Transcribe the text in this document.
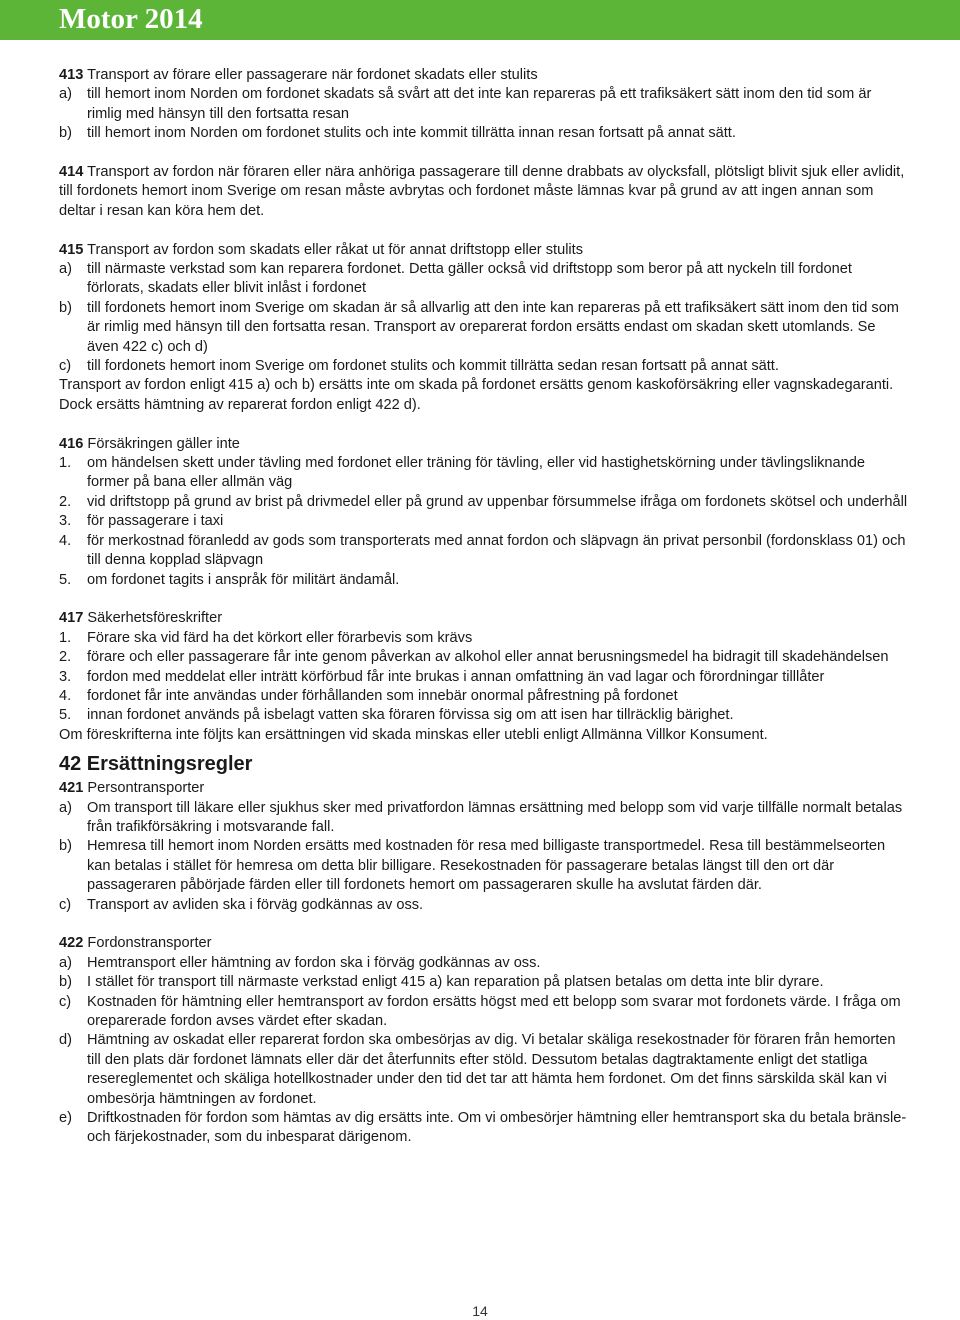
Motor 2014

413 Transport av förare eller passagerare när fordonet skadats eller stulits

a)	till hemort inom Norden om fordonet skadats så svårt att det inte kan repareras på ett trafiksäkert sätt inom den tid som är rimlig med hänsyn till den fortsatta resan
b)	till hemort inom Norden om fordonet stulits och inte kommit tillrätta innan resan fortsatt på annat sätt.

414 Transport av fordon när föraren eller nära anhöriga passagerare till denne drabbats av olycksfall, plötsligt blivit sjuk eller avlidit, till fordonets hemort inom Sverige om resan måste avbrytas och fordonet måste lämnas kvar på grund av att ingen annan som deltar i resan kan köra hem det.

415 Transport av fordon som skadats eller råkat ut för annat driftstopp eller stulits

a)	till närmaste verkstad som kan reparera fordonet. Detta gäller också vid driftstopp som beror på att nyckeln till fordonet förlorats, skadats eller blivit inlåst i fordonet
b)	till fordonets hemort inom Sverige om skadan är så allvarlig att den inte kan repareras på ett trafiksäkert sätt inom den tid som är rimlig med hänsyn till den fortsatta resan. Transport av oreparerat fordon ersätts endast om skadan skett utomlands. Se även 422 c) och d)
c)	till fordonets hemort inom Sverige om fordonet stulits och kommit tillrätta sedan resan fortsatt på annat sätt.

Transport av fordon enligt 415 a) och b) ersätts inte om skada på fordonet ersätts genom kaskoförsäkring eller vagnskadegaranti. Dock ersätts hämtning av reparerat fordon enligt 422 d).

416 Försäkringen gäller inte

1.	om händelsen skett under tävling med fordonet eller träning för tävling, eller vid hastighetskörning under tävlingsliknande former på bana eller allmän väg
2.	vid driftstopp på grund av brist på drivmedel eller på grund av uppenbar försummelse ifråga om fordonets skötsel och underhåll
3.	för passagerare i taxi
4.	för merkostnad föranledd av gods som transporterats med annat fordon och släpvagn än privat personbil (fordonsklass 01) och till denna kopplad släpvagn
5.	om fordonet tagits i anspråk för militärt ändamål.

417 Säkerhetsföreskrifter

1.	Förare ska vid färd ha det körkort eller förarbevis som krävs
2.	förare och eller passagerare får inte genom påverkan av alkohol eller annat berusningsmedel ha bidragit till skadehändelsen
3.	fordon med meddelat eller inträtt körförbud får inte brukas i annan omfattning än vad lagar och förordningar tilllåter
4.	fordonet får inte användas under förhållanden som innebär onormal påfrestning på fordonet
5.	innan fordonet används på isbelagt vatten ska föraren förvissa sig om att isen har tillräcklig bärighet.

Om föreskrifterna inte följts kan ersättningen vid skada minskas eller utebli enligt Allmänna Villkor Konsument.

42 Ersättningsregler

421 Persontransporter

a)	Om transport till läkare eller sjukhus sker med privatfordon lämnas ersättning med belopp som vid varje tillfälle normalt betalas från trafikförsäkring i motsvarande fall.
b)	Hemresa till hemort inom Norden ersätts med kostnaden för resa med billigaste transportmedel. Resa till bestämmelseorten kan betalas i stället för hemresa om detta blir billigare. Resekostnaden för passagerare betalas längst till den ort där passageraren påbörjade färden eller till fordonets hemort om passageraren skulle ha avslutat färden där.
c)	Transport av avliden ska i förväg godkännas av oss.

422 Fordonstransporter

a)	Hemtransport eller hämtning av fordon ska i förväg godkännas av oss.
b)	I stället för transport till närmaste verkstad enligt 415 a) kan reparation på platsen betalas om detta inte blir dyrare.
c)	Kostnaden för hämtning eller hemtransport av fordon ersätts högst med ett belopp som svarar mot fordonets värde. I fråga om oreparerade fordon avses värdet efter skadan.
d)	Hämtning av oskadat eller reparerat fordon ska ombesörjas av dig. Vi betalar skäliga resekostnader för föraren från hemorten till den plats där fordonet lämnats eller där det återfunnits efter stöld. Dessutom betalas dagtraktamente enligt det statliga resereglementet och skäliga hotellkostnader under den tid det tar att hämta hem fordonet. Om det finns särskilda skäl kan vi ombesörja hämtningen av fordonet.
e)	Driftkostnaden för fordon som hämtas av dig ersätts inte. Om vi ombesörjer hämtning eller hemtransport ska du betala bränsle- och färjekostnader, som du inbesparat därigenom.
14
